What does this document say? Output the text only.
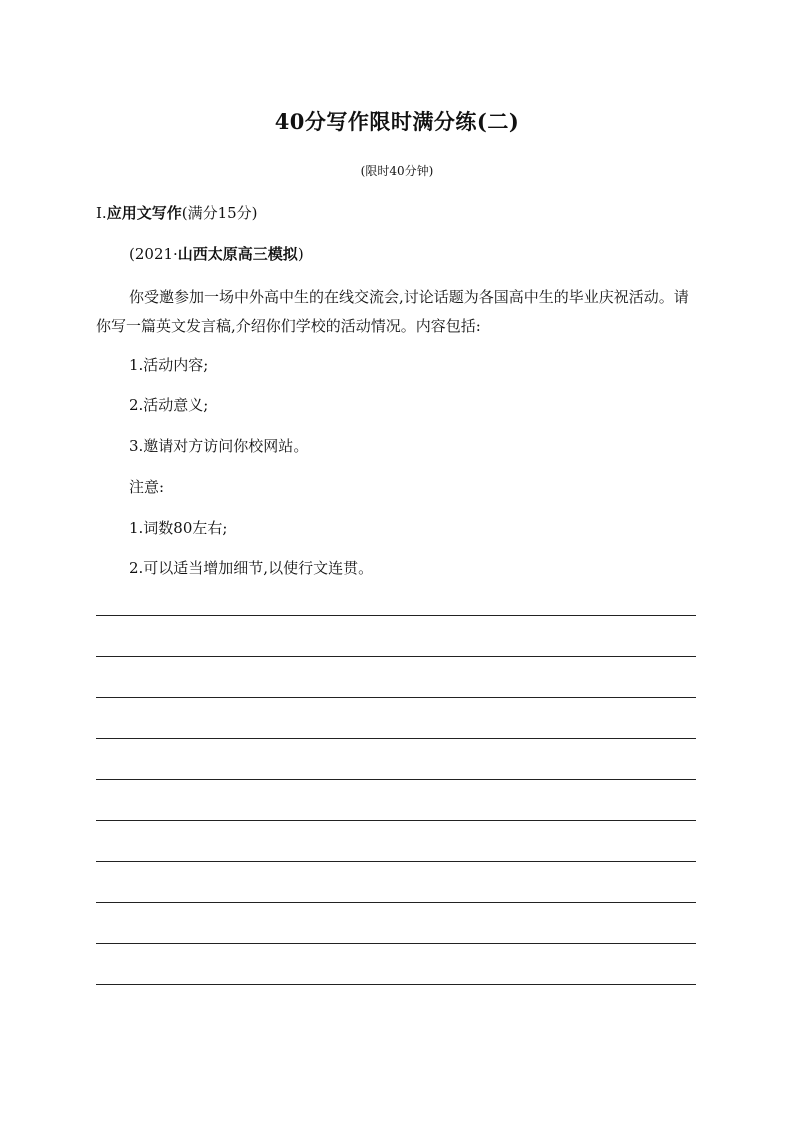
40分写作限时满分练(二)
(限时40分钟)
Ⅰ.应用文写作(满分15分)
(2021·山西太原高三模拟)
你受邀参加一场中外高中生的在线交流会,讨论话题为各国高中生的毕业庆祝活动。请你写一篇英文发言稿,介绍你们学校的活动情况。内容包括:
1.活动内容;
2.活动意义;
3.邀请对方访问你校网站。
注意:
1.词数80左右;
2.可以适当增加细节,以使行文连贯。
